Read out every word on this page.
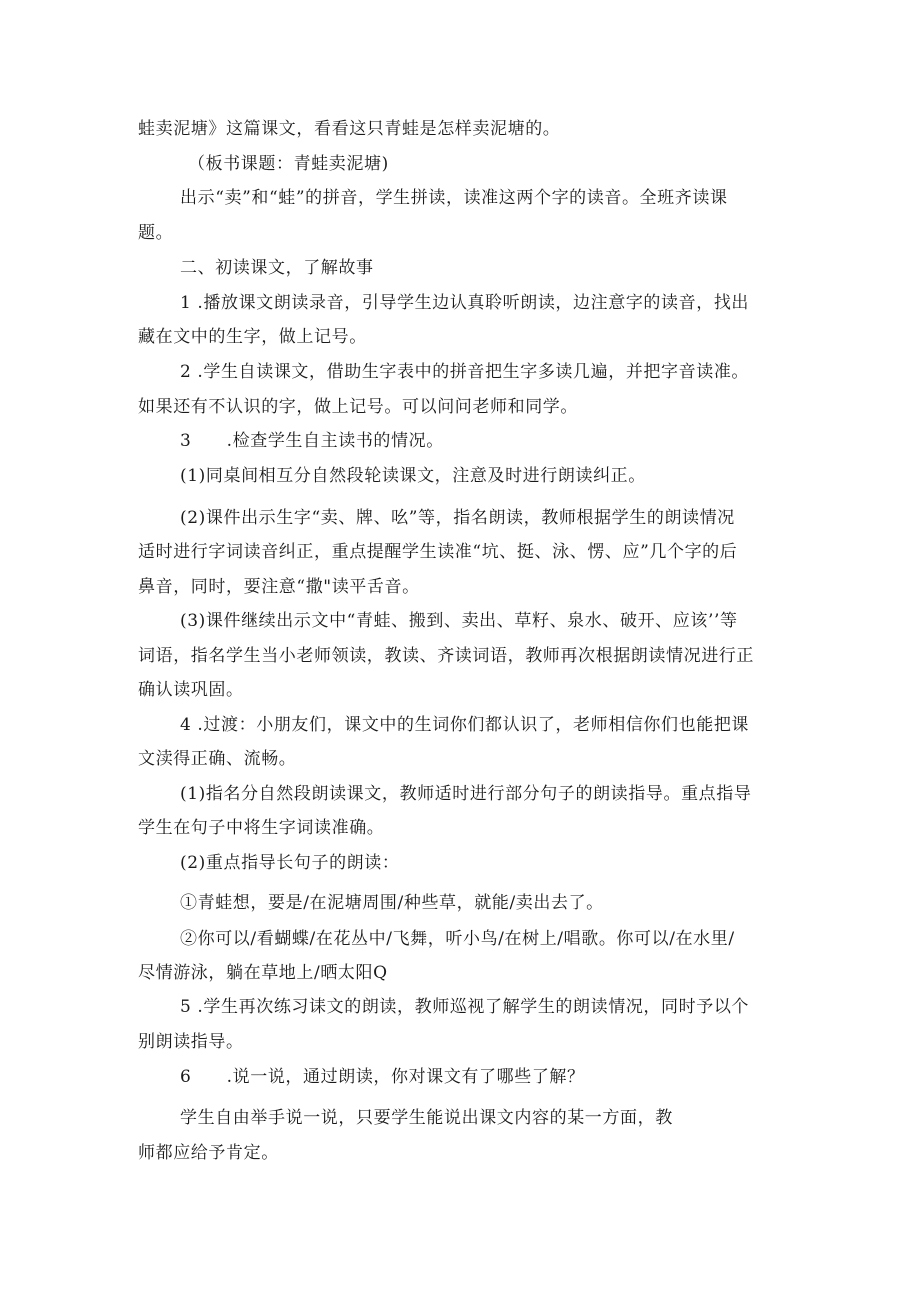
蛙卖泥塘》这篇课文，看看这只青蛙是怎样卖泥塘的。
（板书课题：青蛙卖泥塘)
出示“卖”和“蛙”的拼音，学生拼读，读准这两个字的读音。全班齐读课
题。
二、初读课文，了解故事
1 .播放课文朗读录音，引导学生边认真聆听朗读，边注意字的读音，找出
藏在文中的生字，做上记号。
2 .学生自读课文，借助生字表中的拼音把生字多读几遍，并把字音读准。
如果还有不认识的字，做上记号。可以问问老师和同学。
3　　.检查学生自主读书的情况。
(1)同桌间相互分自然段轮读课文，注意及时进行朗读纠正。
(2)课件出示生字“卖、牌、吆”等，指名朗读，教师根据学生的朗读情况
适时进行字词读音纠正，重点提醒学生读准“坑、挺、泳、愣、应”几个字的后
鼻音，同时，要注意“撒"读平舌音。
(3)课件继续出示文中“青蛙、搬到、卖出、草籽、泉水、破开、应该’’等
词语，指名学生当小老师领读，教读、齐读词语，教师再次根据朗读情况进行正
确认读巩固。
4 .过渡：小朋友们，课文中的生词你们都认识了，老师相信你们也能把课
文渎得正确、流畅。
(1)指名分自然段朗读课文，教师适时进行部分句子的朗读指导。重点指导
学生在句子中将生字词读准确。
(2)重点指导长句子的朗读：
①青蛙想，要是/在泥塘周围/种些草，就能/卖出去了。
②你可以/看蝴蝶/在花丛中/飞舞，听小鸟/在树上/唱歌。你可以/在水里/
尽情游泳，躺在草地上/晒太阳Q
5 .学生再次练习诔文的朗读，教师巡视了解学生的朗读情况，同时予以个
别朗读指导。
6　　.说一说，通过朗读，你对课文有了哪些了解？
学生自由举手说一说，只要学生能说出课文内容的某一方面，教
师都应给予肯定。
